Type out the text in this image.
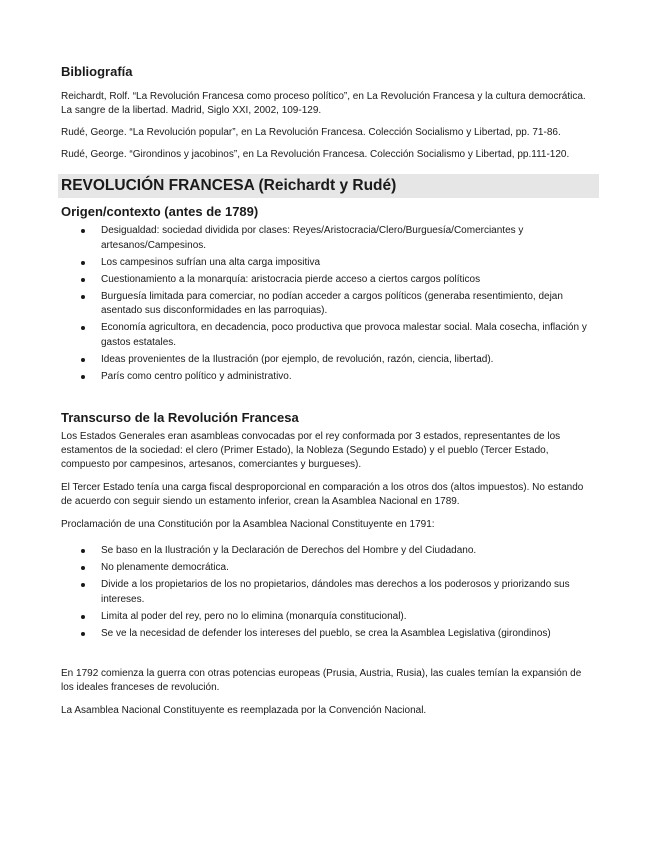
Bibliografía

Reichardt, Rolf. “La Revolución Francesa como proceso político”, en La Revolución Francesa y la cultura democrática. La sangre de la libertad. Madrid, Siglo XXI, 2002, 109-129.

Rudé, George. “La Revolución popular”, en La Revolución Francesa. Colección Socialismo y Libertad, pp. 71-86.

Rudé, George. “Girondinos y jacobinos”, en La Revolución Francesa. Colección Socialismo y Libertad, pp.111-120.

REVOLUCIÓN FRANCESA (Reichardt y Rudé)
Origen/contexto (antes de 1789)
Desigualdad: sociedad dividida por clases: Reyes/Aristocracia/Clero/Burguesía/Comerciantes y artesanos/Campesinos.
Los campesinos sufrían una alta carga impositiva
Cuestionamiento a la monarquía: aristocracia pierde acceso a ciertos cargos políticos
Burguesía limitada para comerciar, no podían acceder a cargos políticos (generaba resentimiento, dejan asentado sus disconformidades en las parroquias).
Economía agricultora, en decadencia, poco productiva que provoca malestar social. Mala cosecha, inflación y gastos estatales.
Ideas provenientes de la Ilustración (por ejemplo, de revolución, razón, ciencia, libertad).
París como centro político y administrativo.
Transcurso de la Revolución Francesa

Los Estados Generales eran asambleas convocadas por el rey conformada por 3 estados, representantes de los estamentos de la sociedad: el clero (Primer Estado), la Nobleza (Segundo Estado) y el pueblo (Tercer Estado, compuesto por campesinos, artesanos, comerciantes y burgueses).

El Tercer Estado tenía una carga fiscal desproporcional en comparación a los otros dos (altos impuestos). No estando de acuerdo con seguir siendo un estamento inferior, crean la Asamblea Nacional en 1789.

Proclamación de una Constitución por la Asamblea Nacional Constituyente en 1791:

Se baso en la Ilustración y la Declaración de Derechos del Hombre y del Ciudadano.
No plenamente democrática.
Divide a los propietarios de los no propietarios, dándoles mas derechos a los poderosos y priorizando sus intereses.
Limita al poder del rey, pero no lo elimina (monarquía constitucional).
Se ve la necesidad de defender los intereses del pueblo, se crea la Asamblea Legislativa (girondinos)

En 1792 comienza la guerra con otras potencias europeas (Prusia, Austria, Rusia), las cuales temían la expansión de los ideales franceses de revolución.

La Asamblea Nacional Constituyente es reemplazada por la Convención Nacional.
